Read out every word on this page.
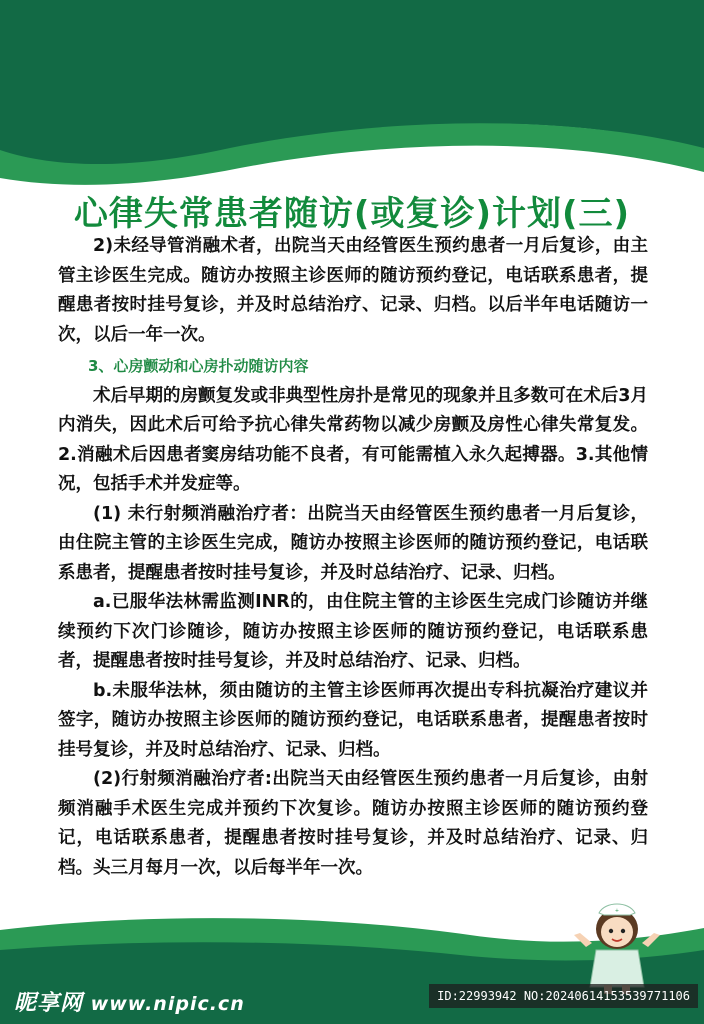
心律失常患者随访(或复诊)计划(三)

2)未经导管消融术者，出院当天由经管医生预约患者一月后复诊，由主管主诊医生完成。随访办按照主诊医师的随访预约登记，电话联系患者，提醒患者按时挂号复诊，并及时总结治疗、记录、归档。以后半年电话随访一次，以后一年一次。

3、心房颤动和心房扑动随访内容

术后早期的房颤复发或非典型性房扑是常见的现象并且多数可在术后3月内消失，因此术后可给予抗心律失常药物以减少房颤及房性心律失常复发。2.消融术后因患者窦房结功能不良者，有可能需植入永久起搏器。3.其他情况，包括手术并发症等。

(1) 未行射频消融治疗者：出院当天由经管医生预约患者一月后复诊，由住院主管的主诊医生完成，随访办按照主诊医师的随访预约登记，电话联系患者，提醒患者按时挂号复诊，并及时总结治疗、记录、归档。

a.已服华法林需监测INR的，由住院主管的主诊医生完成门诊随访并继续预约下次门诊随诊，随访办按照主诊医师的随访预约登记，电话联系患者，提醒患者按时挂号复诊，并及时总结治疗、记录、归档。

b.未服华法林，须由随访的主管主诊医师再次提出专科抗凝治疗建议并签字，随访办按照主诊医师的随访预约登记，电话联系患者，提醒患者按时挂号复诊，并及时总结治疗、记录、归档。

(2)行射频消融治疗者:出院当天由经管医生预约患者一月后复诊，由射频消融手术医生完成并预约下次复诊。随访办按照主诊医师的随访预约登记，电话联系患者，提醒患者按时挂号复诊，并及时总结治疗、记录、归档。头三月每月一次，以后每半年一次。

+
昵享网 www.nipic.cn	ID:22993942 NO:20240614153539771106
